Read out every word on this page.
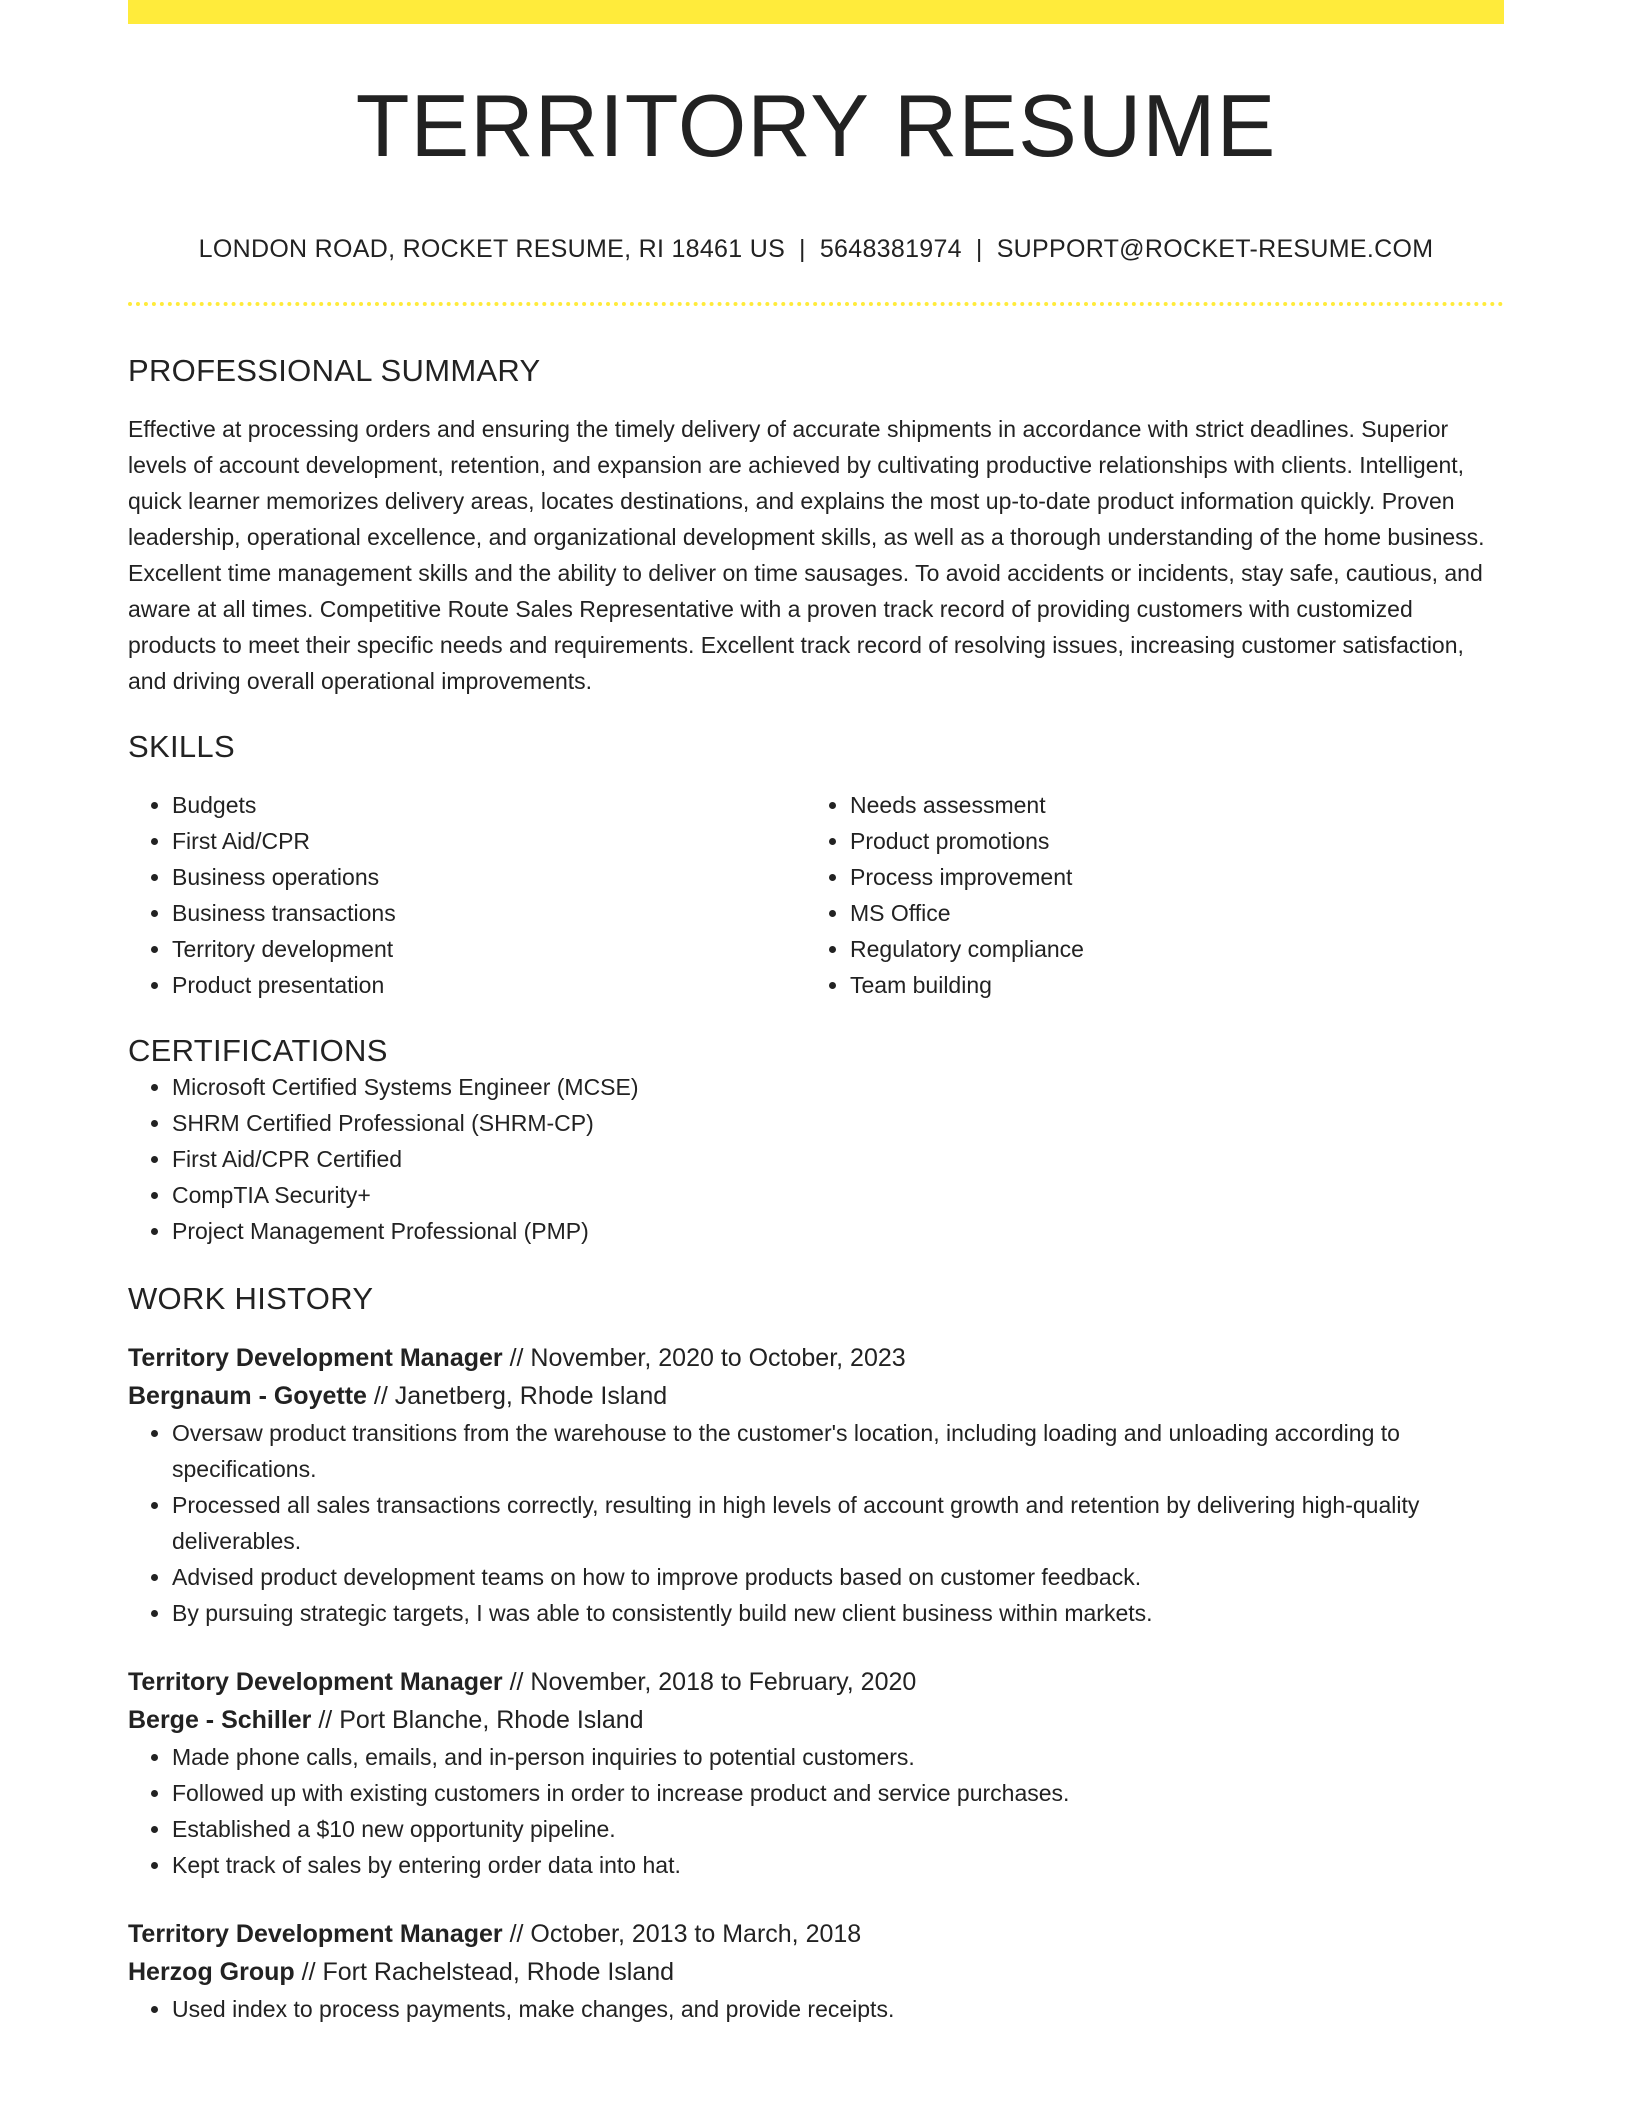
TERRITORY RESUME
LONDON ROAD, ROCKET RESUME, RI 18461 US | 5648381974 | SUPPORT@ROCKET-RESUME.COM
PROFESSIONAL SUMMARY

Effective at processing orders and ensuring the timely delivery of accurate shipments in accordance with strict deadlines. Superior levels of account development, retention, and expansion are achieved by cultivating productive relationships with clients. Intelligent, quick learner memorizes delivery areas, locates destinations, and explains the most up-to-date product information quickly. Proven leadership, operational excellence, and organizational development skills, as well as a thorough understanding of the home business. Excellent time management skills and the ability to deliver on time sausages. To avoid accidents or incidents, stay safe, cautious, and aware at all times. Competitive Route Sales Representative with a proven track record of providing customers with customized products to meet their specific needs and requirements. Excellent track record of resolving issues, increasing customer satisfaction, and driving overall operational improvements.

SKILLS
• Budgets
• First Aid/CPR
• Business operations
• Business transactions
• Territory development
• Product presentation
• Needs assessment
• Product promotions
• Process improvement
• MS Office
• Regulatory compliance
• Team building
CERTIFICATIONS
• Microsoft Certified Systems Engineer (MCSE)
• SHRM Certified Professional (SHRM-CP)
• First Aid/CPR Certified
• CompTIA Security+
• Project Management Professional (PMP)
WORK HISTORY
Territory Development Manager // November, 2020 to October, 2023
Bergnaum - Goyette // Janetberg, Rhode Island
• Oversaw product transitions from the warehouse to the customer's location, including loading and unloading according to specifications.
• Processed all sales transactions correctly, resulting in high levels of account growth and retention by delivering high-quality deliverables.
• Advised product development teams on how to improve products based on customer feedback.
• By pursuing strategic targets, I was able to consistently build new client business within markets.
Territory Development Manager // November, 2018 to February, 2020
Berge - Schiller // Port Blanche, Rhode Island
• Made phone calls, emails, and in-person inquiries to potential customers.
• Followed up with existing customers in order to increase product and service purchases.
• Established a $10 new opportunity pipeline.
• Kept track of sales by entering order data into hat.
Territory Development Manager // October, 2013 to March, 2018
Herzog Group // Fort Rachelstead, Rhode Island
• Used index to process payments, make changes, and provide receipts.
